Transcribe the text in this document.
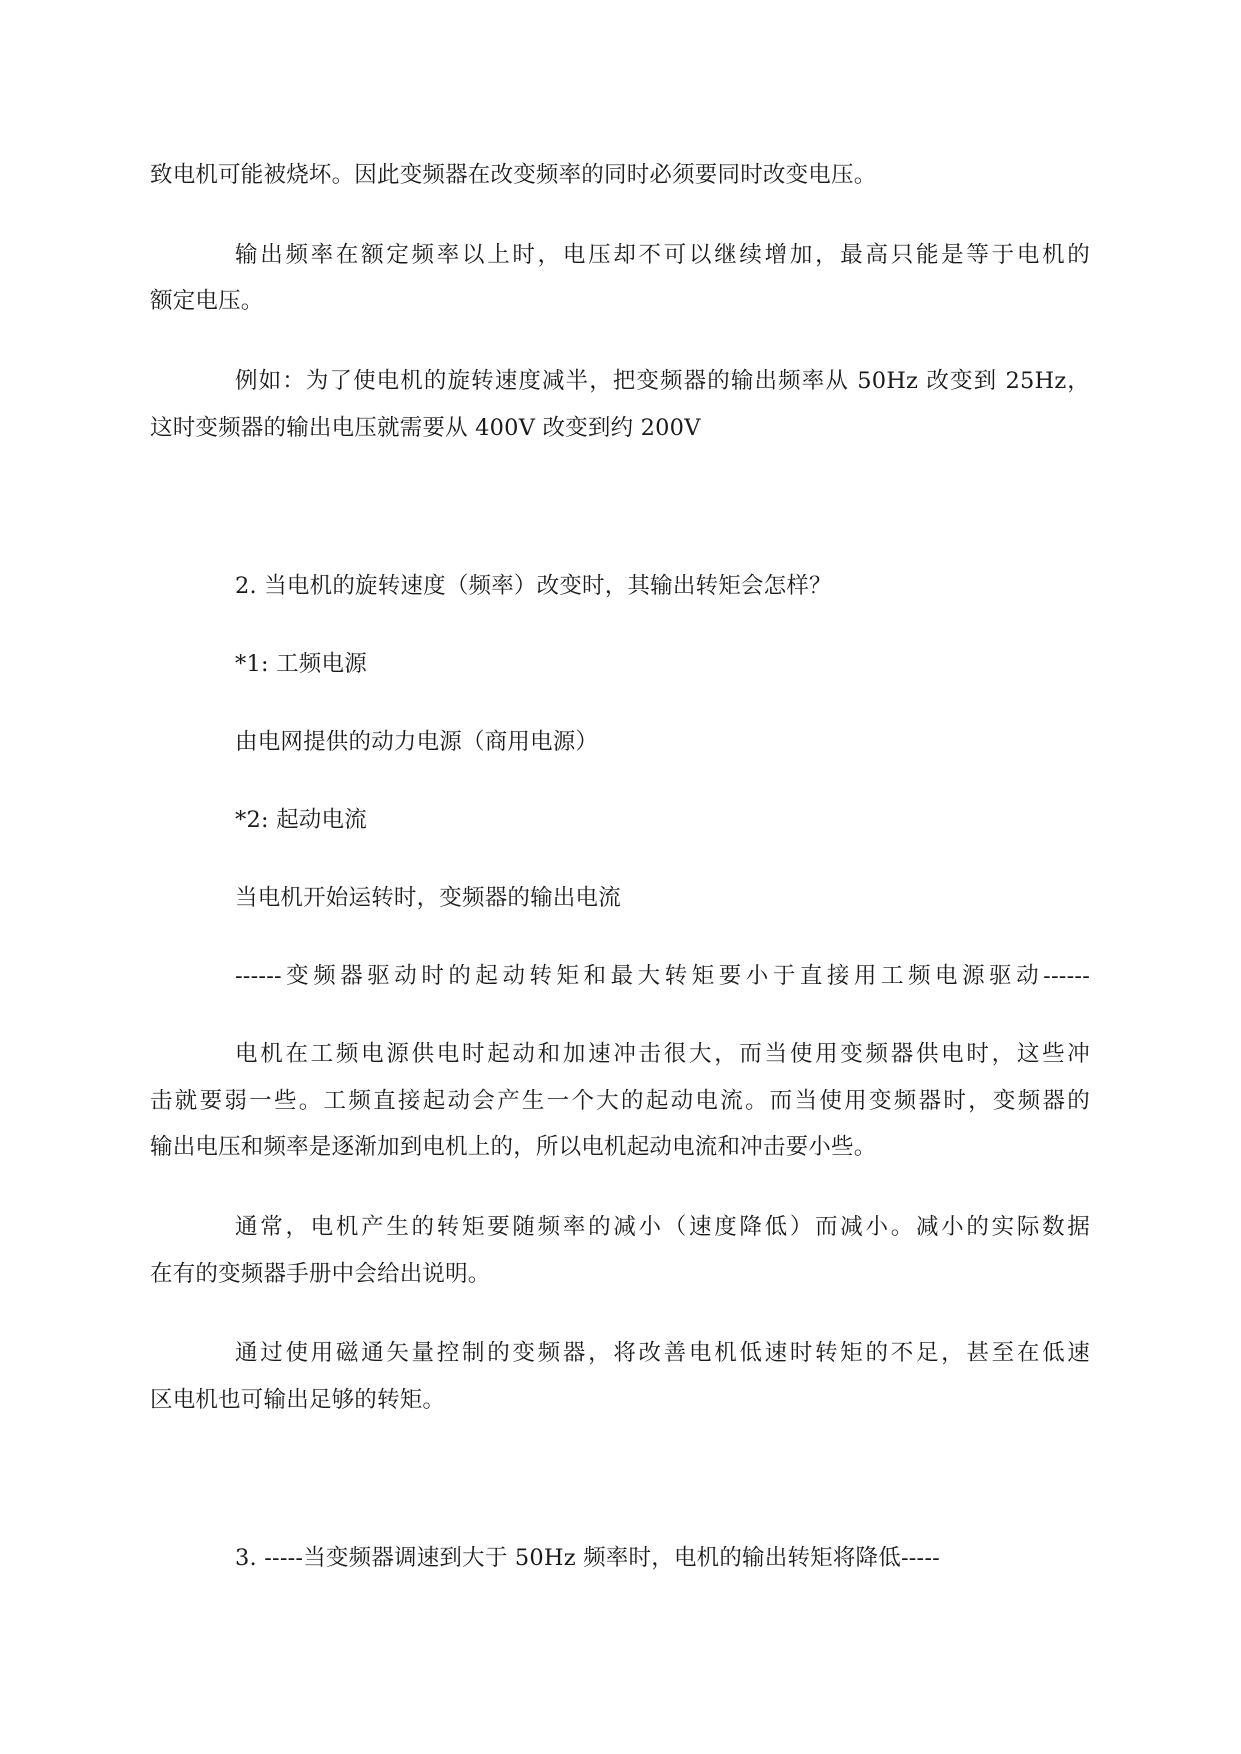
致电机可能被烧坏。因此变频器在改变频率的同时必须要同时改变电压。
输出频率在额定频率以上时，电压却不可以继续增加，最高只能是等于电机的
额定电压。
例如：为了使电机的旋转速度减半，把变频器的输出频率从 50Hz 改变到 25Hz，
这时变频器的输出电压就需要从 400V 改变到约 200V
2. 当电机的旋转速度（频率）改变时，其输出转矩会怎样？
*1: 工频电源
由电网提供的动力电源（商用电源）
*2: 起动电流
当电机开始运转时，变频器的输出电流
------变频器驱动时的起动转矩和最大转矩要小于直接用工频电源驱动------
电机在工频电源供电时起动和加速冲击很大，而当使用变频器供电时，这些冲
击就要弱一些。工频直接起动会产生一个大的起动电流。而当使用变频器时，变频器的
输出电压和频率是逐渐加到电机上的，所以电机起动电流和冲击要小些。
通常，电机产生的转矩要随频率的减小（速度降低）而减小。减小的实际数据
在有的变频器手册中会给出说明。
通过使用磁通矢量控制的变频器，将改善电机低速时转矩的不足，甚至在低速
区电机也可输出足够的转矩。
3. -----当变频器调速到大于 50Hz 频率时，电机的输出转矩将降低-----
